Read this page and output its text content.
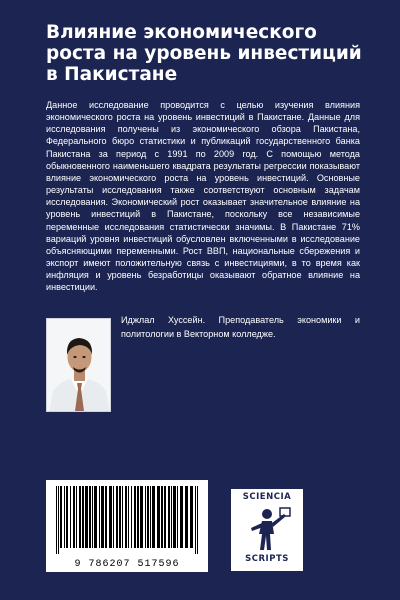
Влияние экономического роста на уровень инвестиций в Пакистане

Данное исследование проводится с целью изучения влияния экономического роста на уровень инвестиций в Пакистане. Данные для исследования получены из экономического обзора Пакистана, Федерального бюро статистики и публикаций государственного банка Пакистана за период с 1991 по 2009 год. С помощью метода обыкновенного наименьшего квадрата результаты регрессии показывают влияние экономического роста на уровень инвестиций. Основные результаты исследования также соответствуют основным задачам исследования. Экономический рост оказывает значительное влияние на уровень инвестиций в Пакистане, поскольку все независимые переменные исследования статистически значимы. В Пакистане 71% вариаций уровня инвестиций обусловлен включенными в исследование объясняющими переменными. Рост ВВП, национальные сбережения и экспорт имеют положительную связь с инвестициями, в то время как инфляция и уровень безработицы оказывают обратное влияние на инвестиции.

Иджлал Хуссейн. Преподаватель экономики и политологии в Векторном колледже.

9 786207 517596
SCIENCIA
SCRIPTS
